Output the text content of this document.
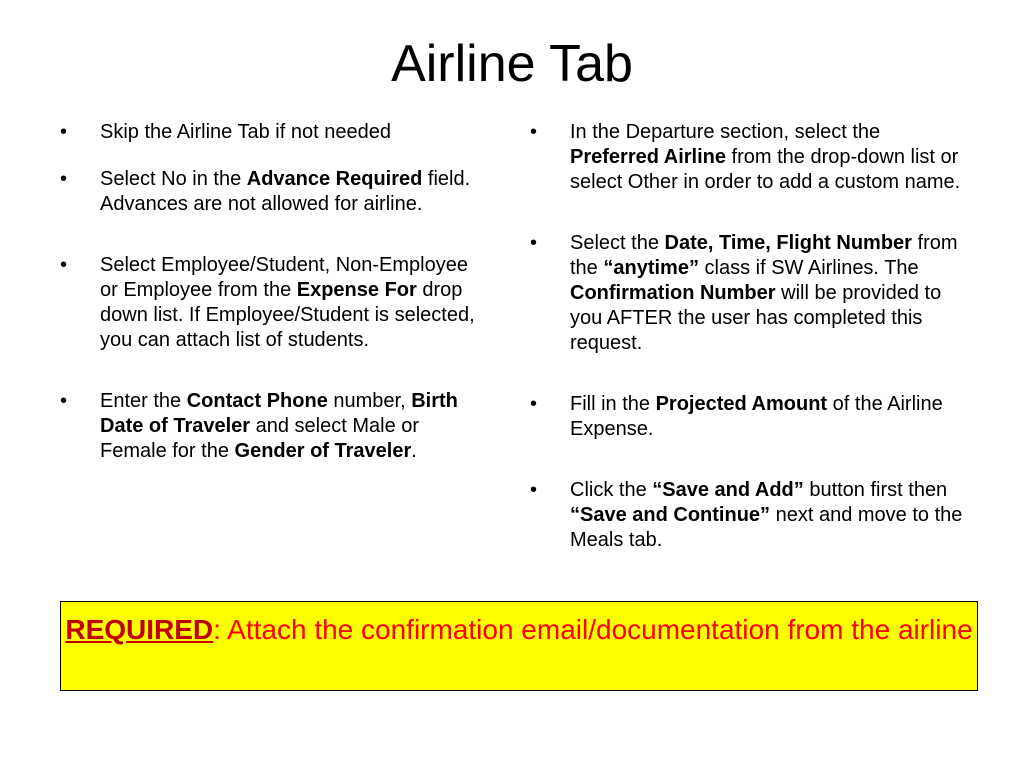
Airline Tab
•
Skip the Airline Tab if not needed
•
Select No in the Advance Required field. Advances are not allowed for airline.
•
Select Employee/Student, Non-Employee or Employee from the Expense For drop down list. If Employee/Student is selected, you can attach list of students.
•
Enter the Contact Phone number, Birth Date of Traveler and select Male or Female for the Gender of Traveler.
•
In the Departure section, select the Preferred Airline from the drop-down list or select Other in order to add a custom name.
•
Select the Date, Time, Flight Number from the “anytime” class if SW Airlines. The Confirmation Number will be provided to you AFTER the user has completed this request.
•
Fill in the Projected Amount of the Airline Expense.
•
Click the “Save and Add” button first then “Save and Continue” next and move to the Meals tab.
REQUIRED: Attach the confirmation email/documentation from the airline
